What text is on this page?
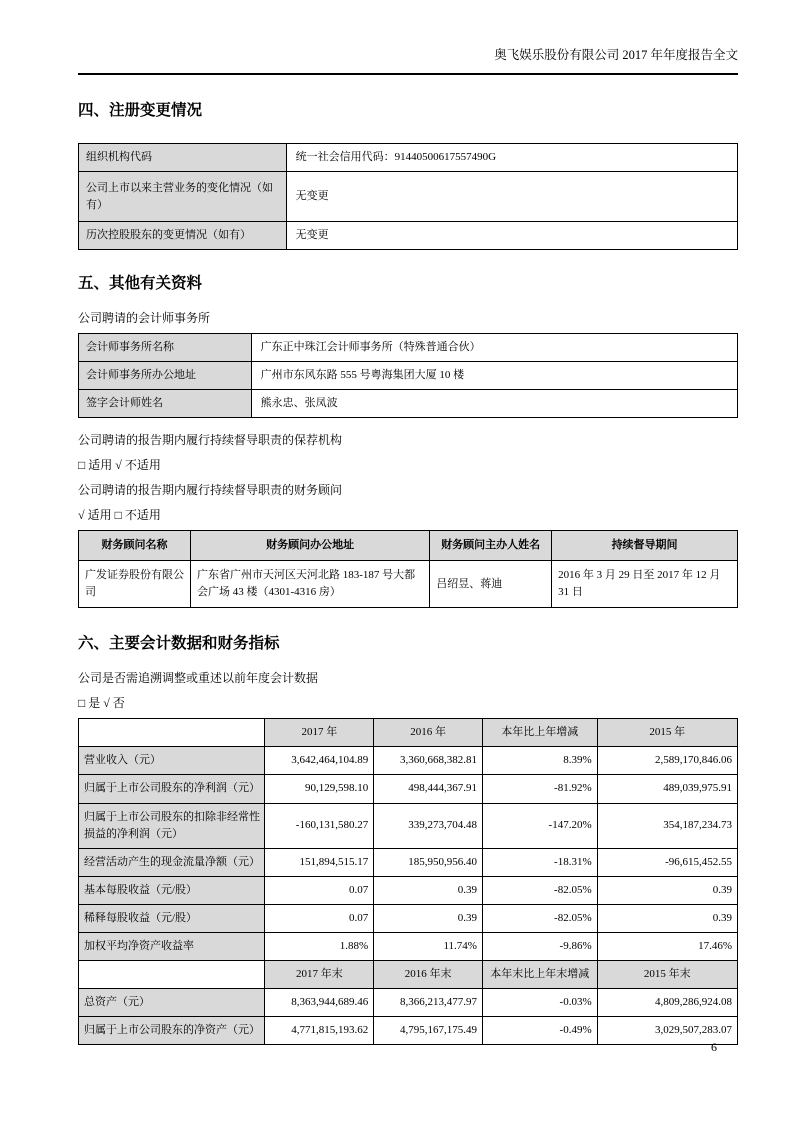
奥飞娱乐股份有限公司 2017 年年度报告全文
四、注册变更情况
组织机构代码	统一社会信用代码：91440500617557490G
公司上市以来主营业务的变化情况（如有）	无变更
历次控股股东的变更情况（如有）	无变更
五、其他有关资料

公司聘请的会计师事务所

会计师事务所名称	广东正中珠江会计师事务所（特殊普通合伙）
会计师事务所办公地址	广州市东风东路 555 号粤海集团大厦 10 楼
签字会计师姓名	熊永忠、张凤波

公司聘请的报告期内履行持续督导职责的保荐机构

□ 适用 √ 不适用

公司聘请的报告期内履行持续督导职责的财务顾问

√ 适用 □ 不适用

财务顾问名称	财务顾问办公地址	财务顾问主办人姓名	持续督导期间
广发证券股份有限公司	广东省广州市天河区天河北路 183-187 号大都会广场 43 楼（4301-4316 房）	吕绍昱、蒋迪	2016 年 3 月 29 日至 2017 年 12 月 31 日
六、主要会计数据和财务指标

公司是否需追溯调整或重述以前年度会计数据

□ 是 √ 否

	2017 年	2016 年	本年比上年增减	2015 年
营业收入（元）	3,642,464,104.89	3,360,668,382.81	8.39%	2,589,170,846.06
归属于上市公司股东的净利润（元）	90,129,598.10	498,444,367.91	-81.92%	489,039,975.91
归属于上市公司股东的扣除非经常性损益的净利润（元）	-160,131,580.27	339,273,704.48	-147.20%	354,187,234.73
经营活动产生的现金流量净额（元）	151,894,515.17	185,950,956.40	-18.31%	-96,615,452.55
基本每股收益（元/股）	0.07	0.39	-82.05%	0.39
稀释每股收益（元/股）	0.07	0.39	-82.05%	0.39
加权平均净资产收益率	1.88%	11.74%	-9.86%	17.46%
	2017 年末	2016 年末	本年末比上年末增减	2015 年末
总资产（元）	8,363,944,689.46	8,366,213,477.97	-0.03%	4,809,286,924.08
归属于上市公司股东的净资产（元）	4,771,815,193.62	4,795,167,175.49	-0.49%	3,029,507,283.07
6
